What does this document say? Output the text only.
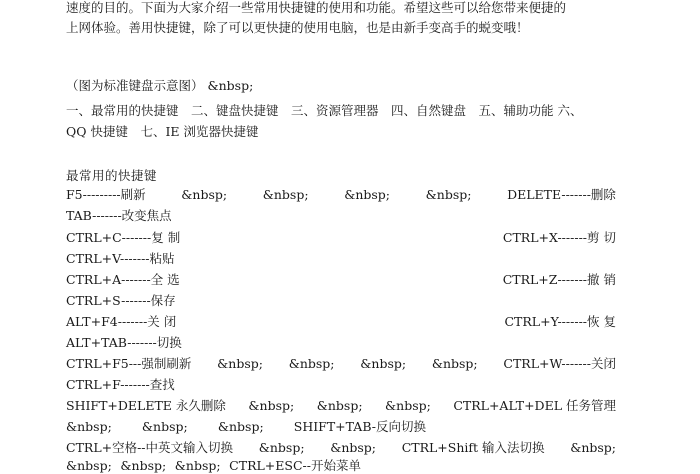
速度的目的。下面为大家介绍一些常用快捷键的使用和功能。希望这些可以给您带来便捷的
上网体验。善用快捷键，除了可以更快捷的使用电脑，也是由新手变高手的蜕变哦！
（图为标准键盘示意图） &nbsp;
一、最常用的快捷键　二、键盘快捷键　三、资源管理器　四、自然键盘　五、辅助功能 六、
QQ 快捷键　七、IE 浏览器快捷键
最常用的快捷键
F5---------刷新	&nbsp;	&nbsp;	&nbsp;	&nbsp;	DELETE-------删除
TAB-------改变焦点
CTRL+C-------复 制	CTRL+X-------剪 切
CTRL+V-------粘贴
CTRL+A-------全 选	CTRL+Z-------撤 销
CTRL+S-------保存
ALT+F4-------关 闭	CTRL+Y-------恢 复
ALT+TAB-------切换
CTRL+F5---强制刷新 &nbsp; &nbsp; &nbsp; &nbsp; CTRL+W-------关闭
CTRL+F-------查找
SHIFT+DELETE 永久删除 &nbsp; &nbsp; &nbsp; CTRL+ALT+DEL 任务管理
&nbsp; &nbsp; &nbsp; SHIFT+TAB-反向切换
CTRL+空格--中英文输入切换 &nbsp; &nbsp; CTRL+Shift 输入法切换 &nbsp;
&nbsp; &nbsp; &nbsp; CTRL+ESC--开始菜单
